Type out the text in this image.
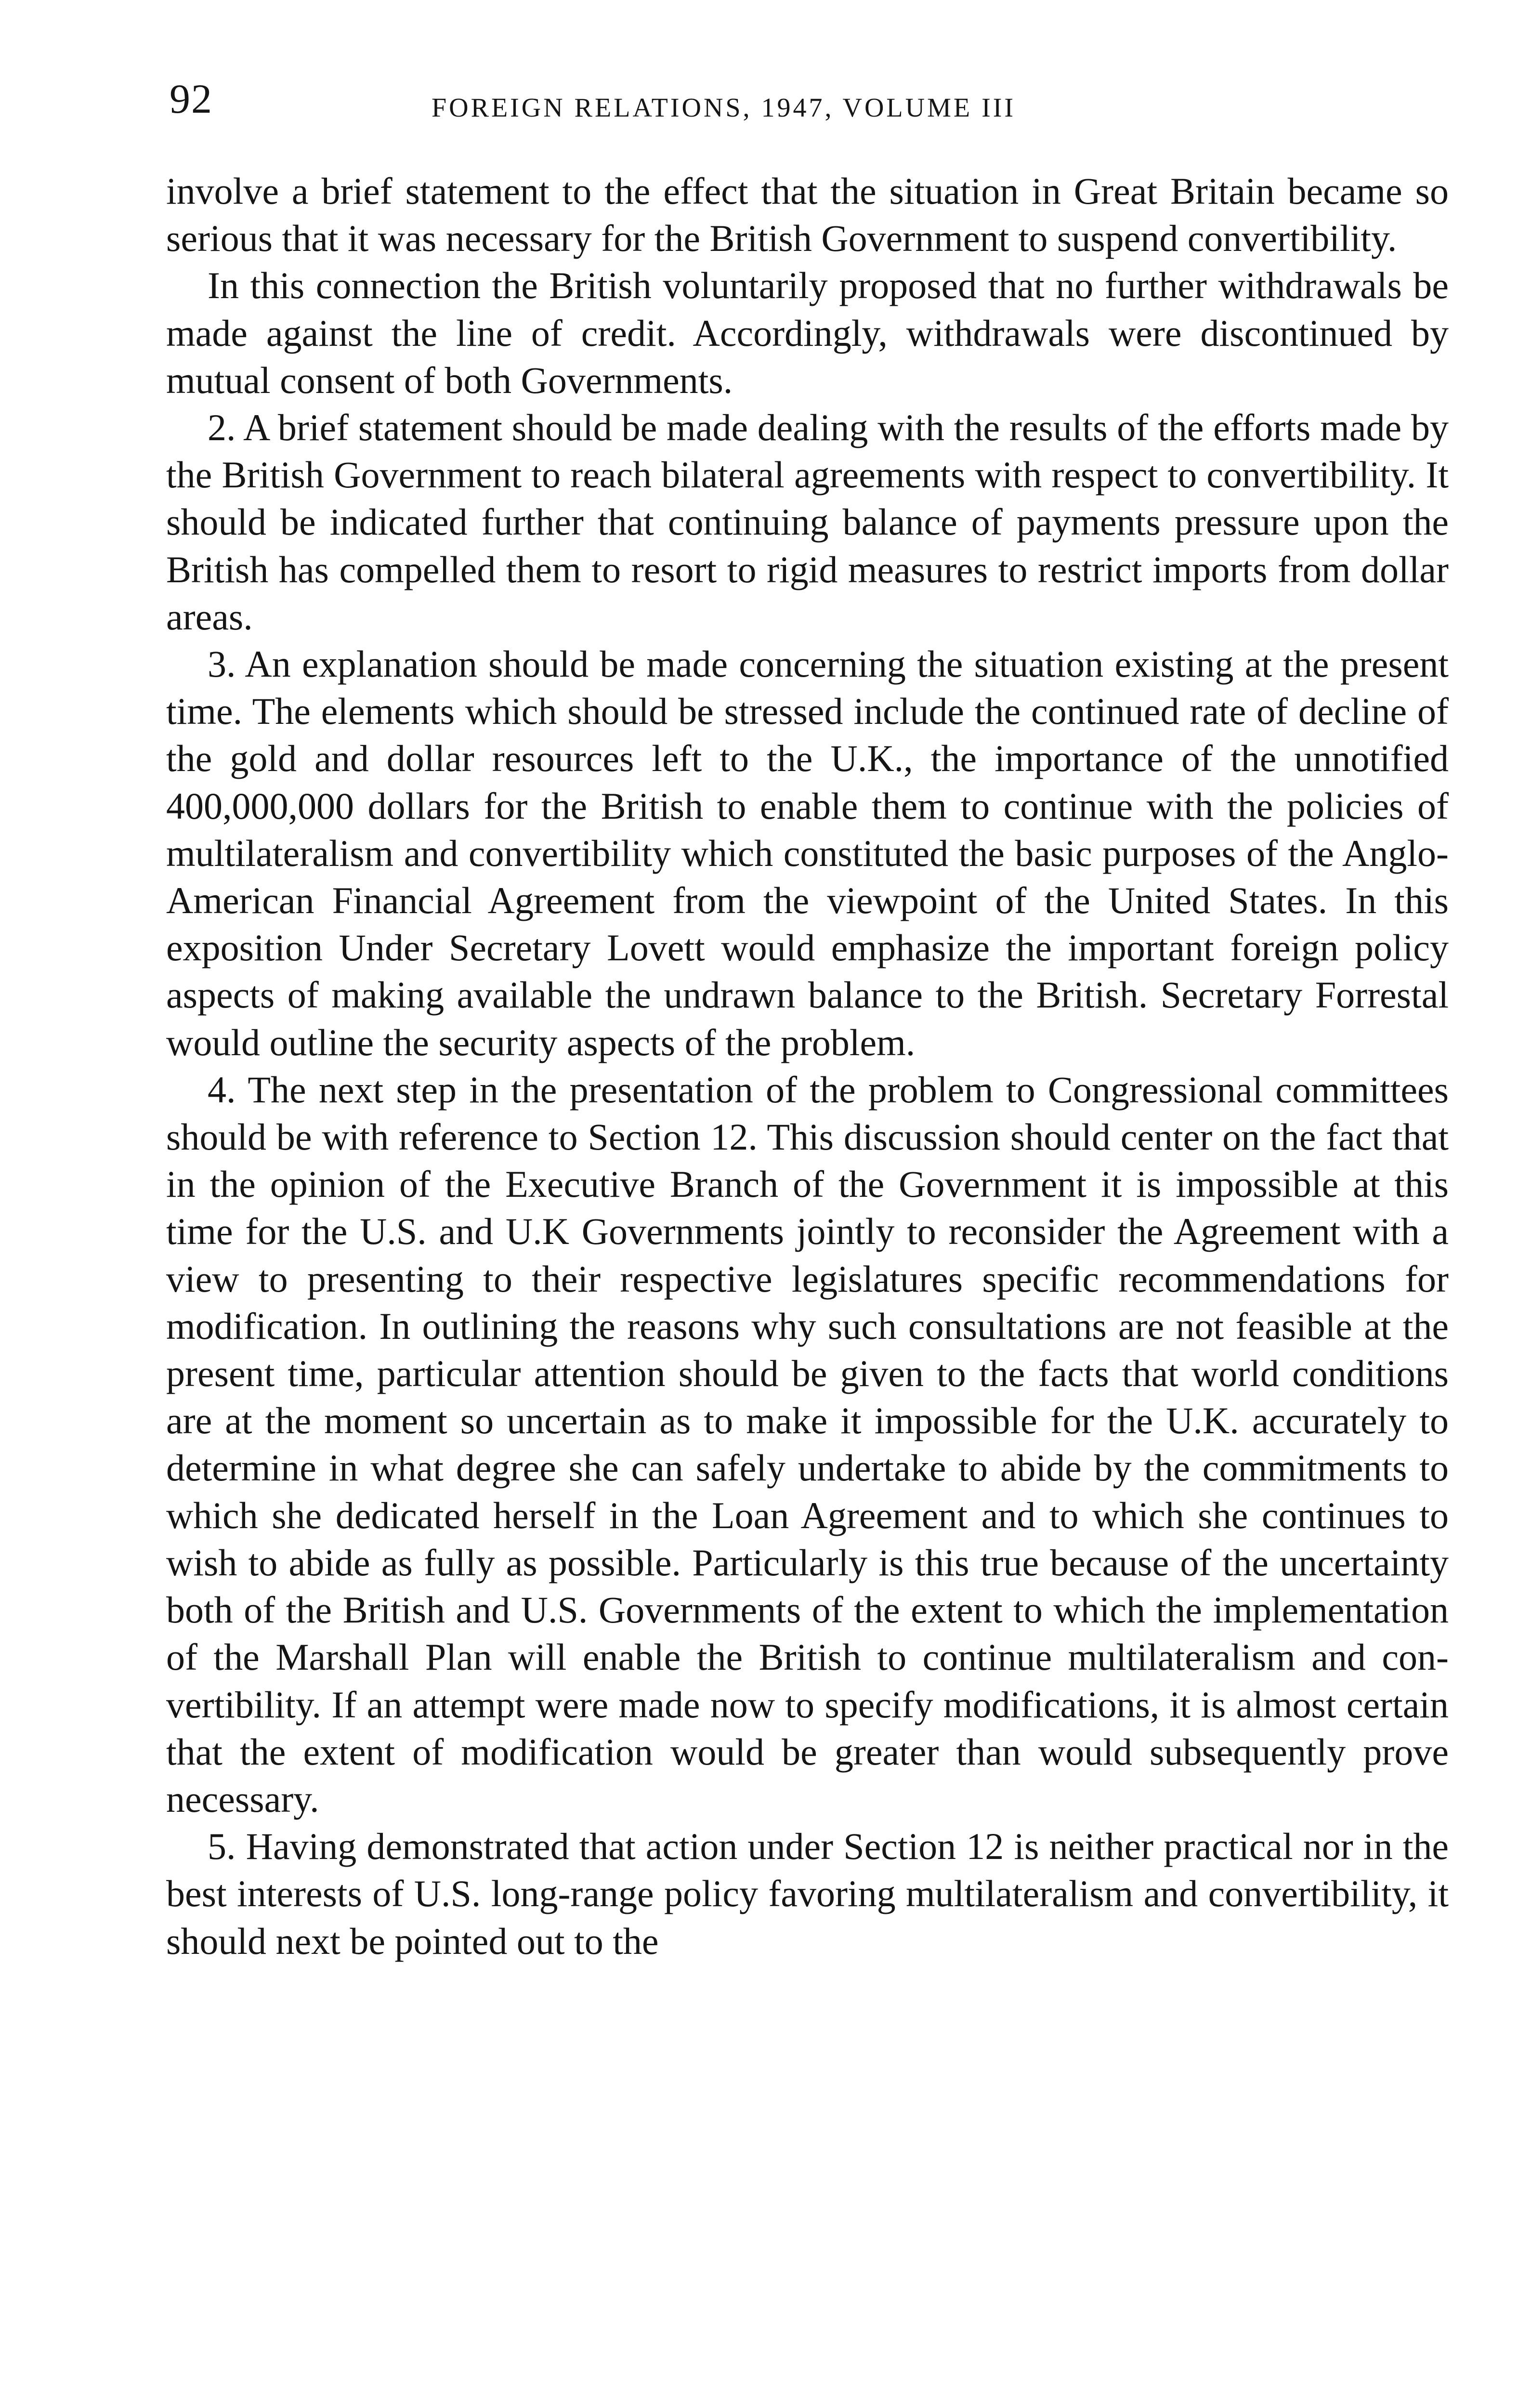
92	FOREIGN RELATIONS, 1947, VOLUME III

involve a brief statement to the effect that the situation in Great Britain became so serious that it was necessary for the British Government to suspend convertibility.

In this connection the British voluntarily proposed that no further withdrawals be made against the line of credit. Accordingly, withdrawals were discontinued by mutual consent of both Governments.

2. A brief statement should be made dealing with the results of the efforts made by the British Government to reach bilateral agreements with respect to convertibility. It should be indicated further that continuing balance of payments pressure upon the British has compelled them to resort to rigid measures to restrict imports from dollar areas.

3. An explanation should be made concerning the situation existing at the present time. The elements which should be stressed include the continued rate of decline of the gold and dollar resources left to the U.K., the importance of the unnotified 400,000,000 dollars for the British to enable them to continue with the policies of multilateralism and convertibility which constituted the basic purposes of the Anglo-American Financial Agreement from the viewpoint of the United States. In this exposition Under Secretary Lovett would emphasize the important foreign policy aspects of making available the undrawn balance to the British. Secretary Forrestal would outline the security aspects of the problem.

4. The next step in the presentation of the problem to Congressional committees should be with reference to Section 12. This discussion should center on the fact that in the opinion of the Executive Branch of the Government it is impossible at this time for the U.S. and U.K Governments jointly to reconsider the Agreement with a view to presenting to their respective legislatures specific recommendations for modification. In outlining the reasons why such consultations are not feasible at the present time, particular attention should be given to the facts that world conditions are at the moment so uncertain as to make it impossible for the U.K. accurately to determine in what degree she can safely undertake to abide by the commitments to which she dedicated herself in the Loan Agreement and to which she continues to wish to abide as fully as possible. Particularly is this true because of the uncertainty both of the British and U.S. Governments of the extent to which the implementation of the Marshall Plan will enable the British to continue multilateralism and convertibility. If an attempt were made now to specify modifications, it is almost certain that the extent of modification would be greater than would subsequently prove necessary.

5. Having demonstrated that action under Section 12 is neither practical nor in the best interests of U.S. long-range policy favoring multilateralism and convertibility, it should next be pointed out to the
